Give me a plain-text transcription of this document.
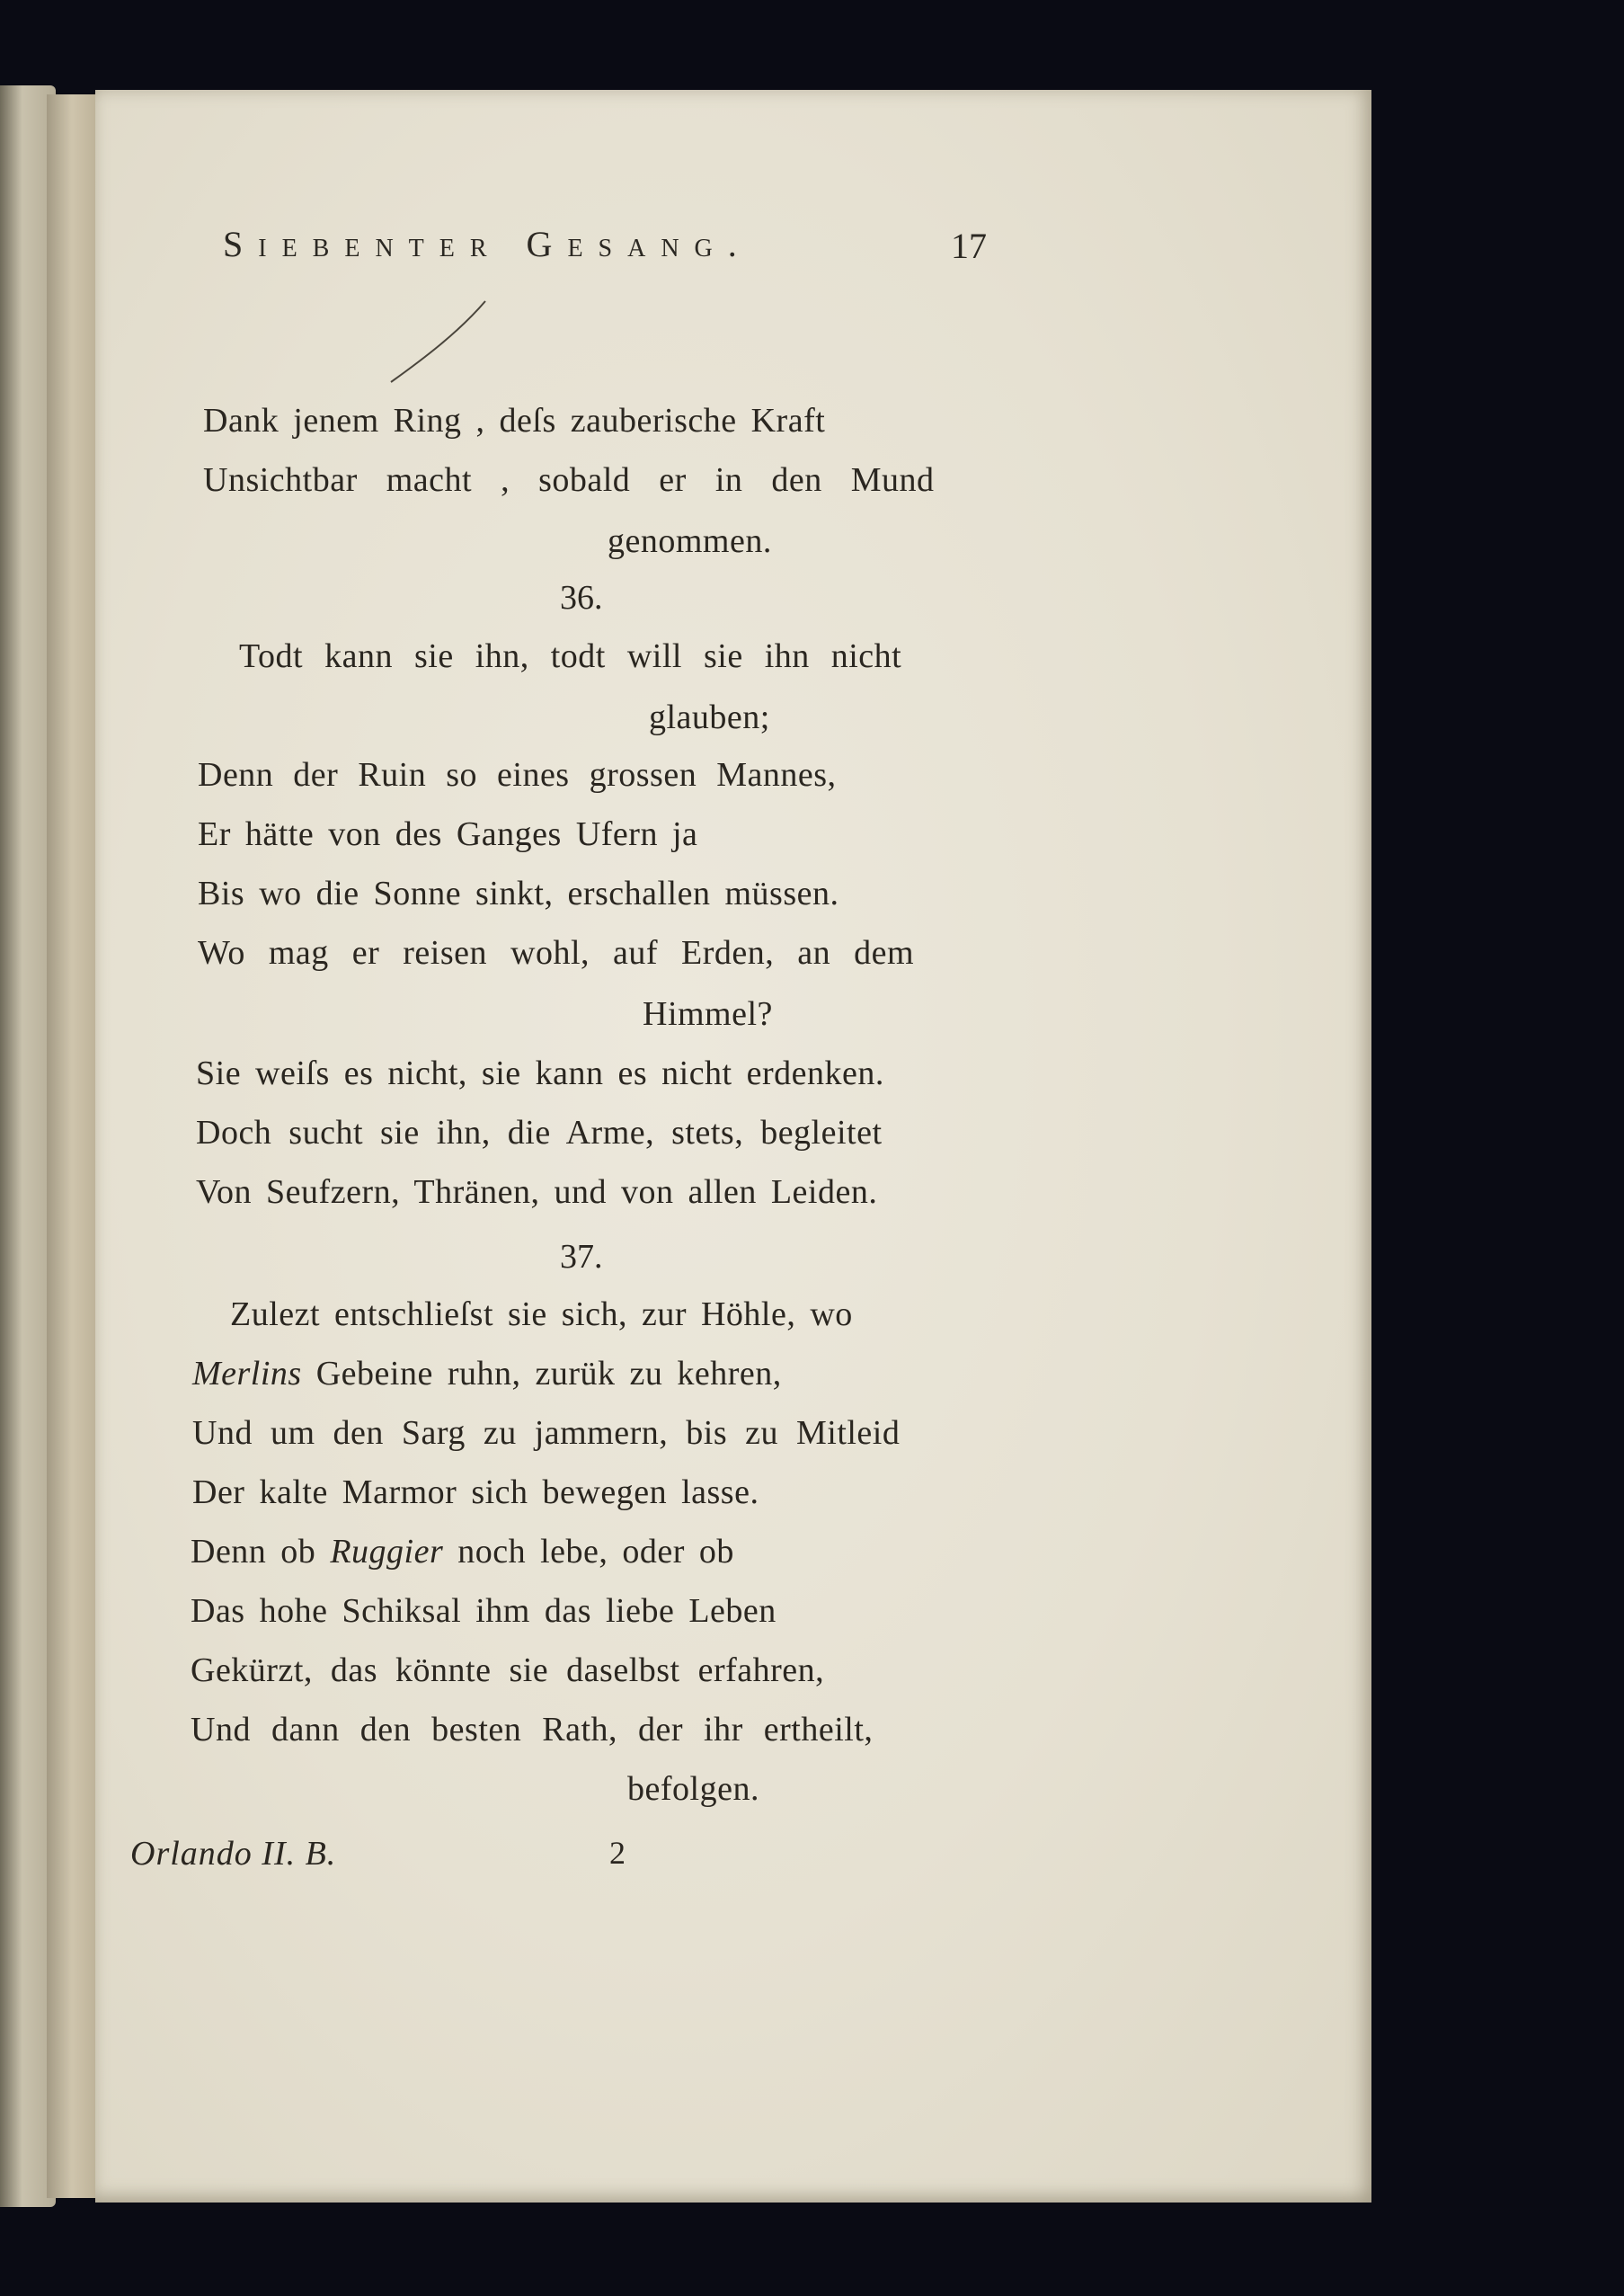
Siebenter Gesang.	17
Dank jenem Ring , deſs zauberische Kraft
Unsichtbar macht , sobald er in den Mund
genommen.
36.
Todt kann sie ihn, todt will sie ihn nicht
glauben;
Denn der Ruin so eines grossen Mannes,
Er hätte von des Ganges Ufern ja
Bis wo die Sonne sinkt, erschallen müssen.
Wo mag er reisen wohl, auf Erden, an dem
Himmel?
Sie weiſs es nicht, sie kann es nicht erdenken.
Doch sucht sie ihn, die Arme, stets, begleitet
Von Seufzern, Thränen, und von allen Leiden.
37.
Zulezt entschlieſst sie sich, zur Höhle, wo
Merlins Gebeine ruhn, zurük zu kehren,
Und um den Sarg zu jammern, bis zu Mitleid
Der kalte Marmor sich bewegen lasse.
Denn ob Ruggier noch lebe, oder ob
Das hohe Schiksal ihm das liebe Leben
Gekürzt, das könnte sie daselbst erfahren,
Und dann den besten Rath, der ihr ertheilt,
befolgen.
Orlando II. B.	2
